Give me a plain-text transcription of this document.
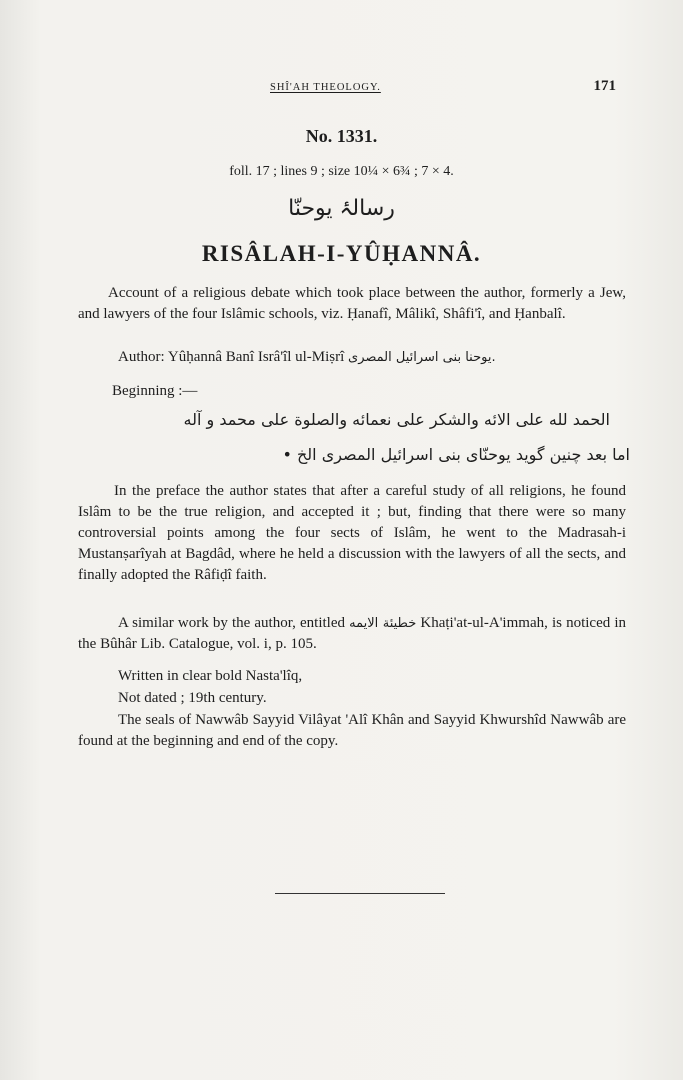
SHÎ'AH THEOLOGY.	171
No. 1331.
foll. 17 ; lines 9 ; size 10¼ × 6¾ ; 7 × 4.
رسالۂ یوحنّا
RISÂLAH-I-YÛḤANNÂ.
Account of a religious debate which took place between the author, formerly a Jew, and lawyers of the four Islâmic schools, viz. Ḥanafî, Mâlikî, Shâfi'î, and Ḥanbalî.
Author: Yûḥannâ Banî Isrâ'îl ul-Miṣrî یوحنا بنی اسرائیل المصری.
Beginning :—
الحمد لله علی الائه والشکر علی نعمائه والصلوة علی محمد و آله
اما بعد چنین گوید یوحنّای بنی اسرائیل المصری الخ •
In the preface the author states that after a careful study of all religions, he found Islâm to be the true religion, and accepted it ; but, finding that there were so many controversial points among the four sects of Islâm, he went to the Madrasah-i Mustanṣarîyah at Bagdâd, where he held a discussion with the lawyers of all the sects, and finally adopted the Râfiḍî faith.
A similar work by the author, entitled خطیئة الایمه Khaṭi'at-ul-A'immah, is noticed in the Bûhâr Lib. Catalogue, vol. i, p. 105.
Written in clear bold Nasta'lîq,
Not dated ; 19th century.
The seals of Nawwâb Sayyid Vilâyat 'Alî Khân and Sayyid Khwurshîd Nawwâb are found at the beginning and end of the copy.
